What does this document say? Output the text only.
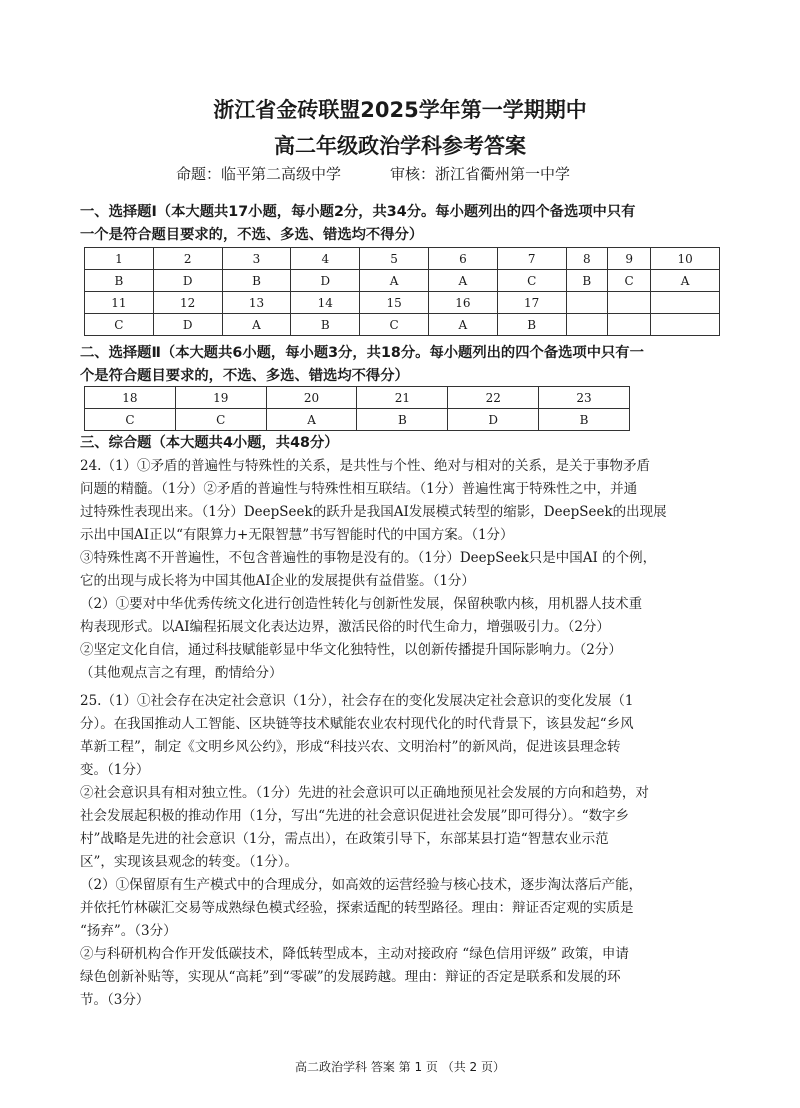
浙江省金砖联盟2025学年第一学期期中
高二年级政治学科参考答案
命题：临平第二高级中学	审核：浙江省衢州第一中学
一、选择题Ⅰ（本大题共17小题，每小题2分，共34分。每小题列出的四个备选项中只有
一个是符合题目要求的，不选、多选、错选均不得分）
1	2	3	4	5	6	7	8	9	10
B	D	B	D	A	A	C	B	C	A
11	12	13	14	15	16	17			
C	D	A	B	C	A	B			
二、选择题Ⅱ（本大题共6小题，每小题3分，共18分。每小题列出的四个备选项中只有一
个是符合题目要求的，不选、多选、错选均不得分）
18	19	20	21	22	23
C	C	A	B	D	B
三、综合题（本大题共4小题，共48分）

24.（1）①矛盾的普遍性与特殊性的关系，是共性与个性、绝对与相对的关系，是关于事物矛盾

问题的精髓。（1分）②矛盾的普遍性与特殊性相互联结。（1分）普遍性寓于特殊性之中，并通

过特殊性表现出来。（1分）DeepSeek的跃升是我国AI发展模式转型的缩影，DeepSeek的出现展

示出中国AI正以“有限算力+无限智慧”书写智能时代的中国方案。（1分）

③特殊性离不开普遍性，不包含普遍性的事物是没有的。（1分）DeepSeek只是中国AI 的个例，

它的出现与成长将为中国其他AI企业的发展提供有益借鉴。（1分）

（2）①要对中华优秀传统文化进行创造性转化与创新性发展，保留秧歌内核，用机器人技术重

构表现形式。以AI编程拓展文化表达边界，激活民俗的时代生命力，增强吸引力。（2分）

②坚定文化自信，通过科技赋能彰显中华文化独特性，以创新传播提升国际影响力。（2分）

（其他观点言之有理，酌情给分）

25.（1）①社会存在决定社会意识（1分），社会存在的变化发展决定社会意识的变化发展（1

分）。在我国推动人工智能、区块链等技术赋能农业农村现代化的时代背景下，该县发起“乡风

革新工程”，制定《文明乡风公约》，形成“科技兴农、文明治村”的新风尚，促进该县理念转

变。（1分）

②社会意识具有相对独立性。（1分）先进的社会意识可以正确地预见社会发展的方向和趋势，对

社会发展起积极的推动作用（1分，写出“先进的社会意识促进社会发展”即可得分）。“数字乡

村”战略是先进的社会意识（1分，需点出），在政策引导下，东部某县打造“智慧农业示范

区”，实现该县观念的转变。（1分）。

（2）①保留原有生产模式中的合理成分，如高效的运营经验与核心技术，逐步淘汰落后产能，

并依托竹林碳汇交易等成熟绿色模式经验，探索适配的转型路径。理由：辩证否定观的实质是

“扬弃”。（3分）

②与科研机构合作开发低碳技术，降低转型成本，主动对接政府 “绿色信用评级” 政策，申请

绿色创新补贴等，实现从“高耗”到“零碳”的发展跨越。理由：辩证的否定是联系和发展的环

节。（3分）

高二政治学科 答案 第 1 页 （共 2 页）
